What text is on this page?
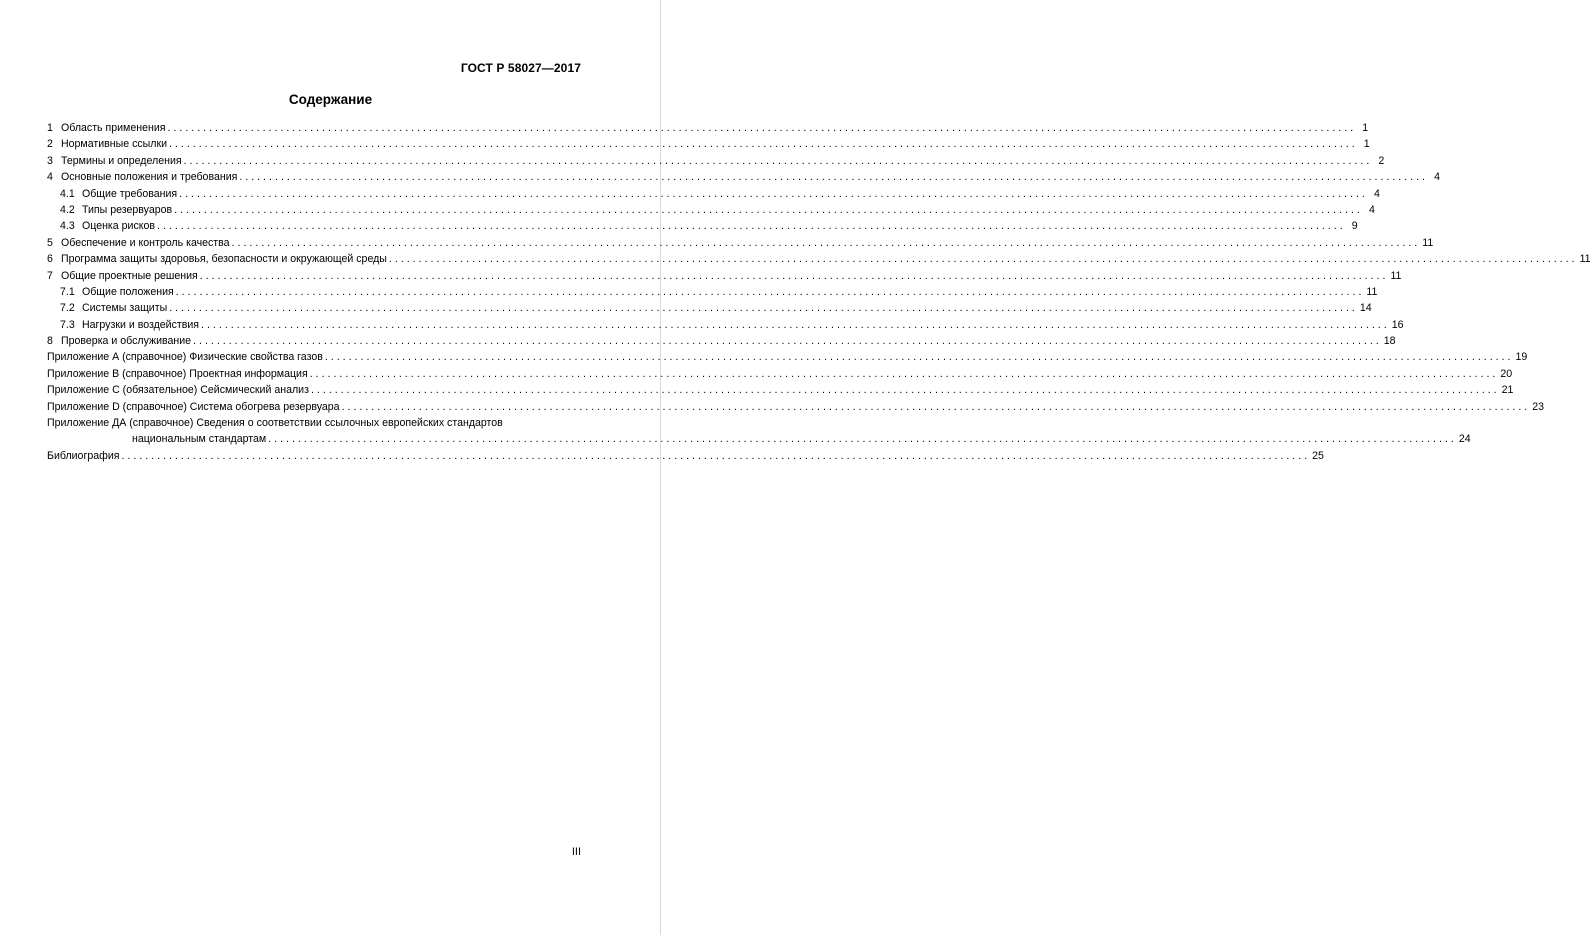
ГОСТ Р 58027—2017
Содержание
1 Область применения ........................................................................................................................................................................................................ 1
2 Нормативные ссылки ........................................................................................................................................................................................................ 1
3 Термины и определения ........................................................................................................................................................................................................ 2
4 Основные положения и требования ........................................................................................................................................................................................................ 4
4.1 Общие требования ........................................................................................................................................................................................................ 4
4.2 Типы резервуаров ........................................................................................................................................................................................................ 4
4.3 Оценка рисков ........................................................................................................................................................................................................ 9
5 Обеспечение и контроль качества ........................................................................................................................................................................................................ 11
6 Программа защиты здоровья, безопасности и окружающей среды ........................................................................................................................................................................................................ 11
7 Общие проектные решения ........................................................................................................................................................................................................ 11
7.1 Общие положения ........................................................................................................................................................................................................ 11
7.2 Системы защиты ........................................................................................................................................................................................................ 14
7.3 Нагрузки и воздействия ........................................................................................................................................................................................................ 16
8 Проверка и обслуживание ........................................................................................................................................................................................................ 18
Приложение А (справочное) Физические свойства газов ........................................................................................................................................................................................................ 19
Приложение В (справочное) Проектная информация ........................................................................................................................................................................................................ 20
Приложение С (обязательное) Сейсмический анализ ........................................................................................................................................................................................................ 21
Приложение D (справочное) Система обогрева резервуара ........................................................................................................................................................................................................ 23
Приложение ДА (справочное) Сведения о соответствии ссылочных европейских стандартов
национальным стандартам ........................................................................................................................................................................................................ 24
Библиография ........................................................................................................................................................................................................ 25
III
